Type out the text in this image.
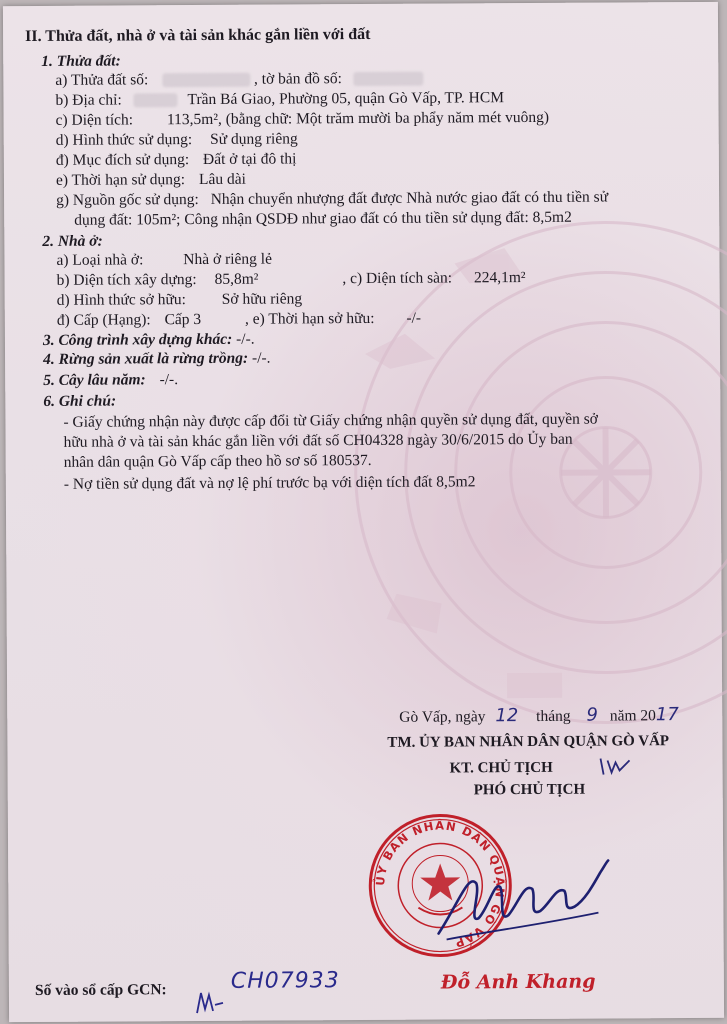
II. Thửa đất, nhà ở và tài sản khác gắn liền với đất
1. Thửa đất:
a) Thửa đất số:	, tờ bản đồ số:
b) Địa chỉ:	Trần Bá Giao, Phường 05, quận Gò Vấp, TP. HCM
c) Diện tích: 113,5m², (bằng chữ: Một trăm mười ba phẩy năm mét vuông)
d) Hình thức sử dụng: Sử dụng riêng
đ) Mục đích sử dụng: Đất ở tại đô thị
e) Thời hạn sử dụng: Lâu dài
g) Nguồn gốc sử dụng: Nhận chuyển nhượng đất được Nhà nước giao đất có thu tiền sử
dụng đất: 105m²; Công nhận QSDĐ như giao đất có thu tiền sử dụng đất: 8,5m2
2. Nhà ở:
a) Loại nhà ở:	Nhà ở riêng lẻ
b) Diện tích xây dựng: 85,8m²	, c) Diện tích sàn: 224,1m²
d) Hình thức sở hữu: Sở hữu riêng
đ) Cấp (Hạng): Cấp 3	, e) Thời hạn sở hữu: -/-
3. Công trình xây dựng khác: -/-.
4. Rừng sản xuất là rừng trồng: -/-.
5. Cây lâu năm: -/-.
6. Ghi chú:
- Giấy chứng nhận này được cấp đổi từ Giấy chứng nhận quyền sử dụng đất, quyền sở
hữu nhà ở và tài sản khác gắn liền với đất số CH04328 ngày 30/6/2015 do Ủy ban
nhân dân quận Gò Vấp cấp theo hồ sơ số 180537.
- Nợ tiền sử dụng đất và nợ lệ phí trước bạ với diện tích đất 8,5m2
Gò Vấp, ngày 12 tháng 9 năm 2017
TM. ỦY BAN NHÂN DÂN QUẬN GÒ VẤP
KT. CHỦ TỊCH
PHÓ CHỦ TỊCH
ỦY BAN NHÂN DÂN QUẬN GÒ VẤP
Số vào sổ cấp GCN:	CH07933	Đỗ Anh Khang
